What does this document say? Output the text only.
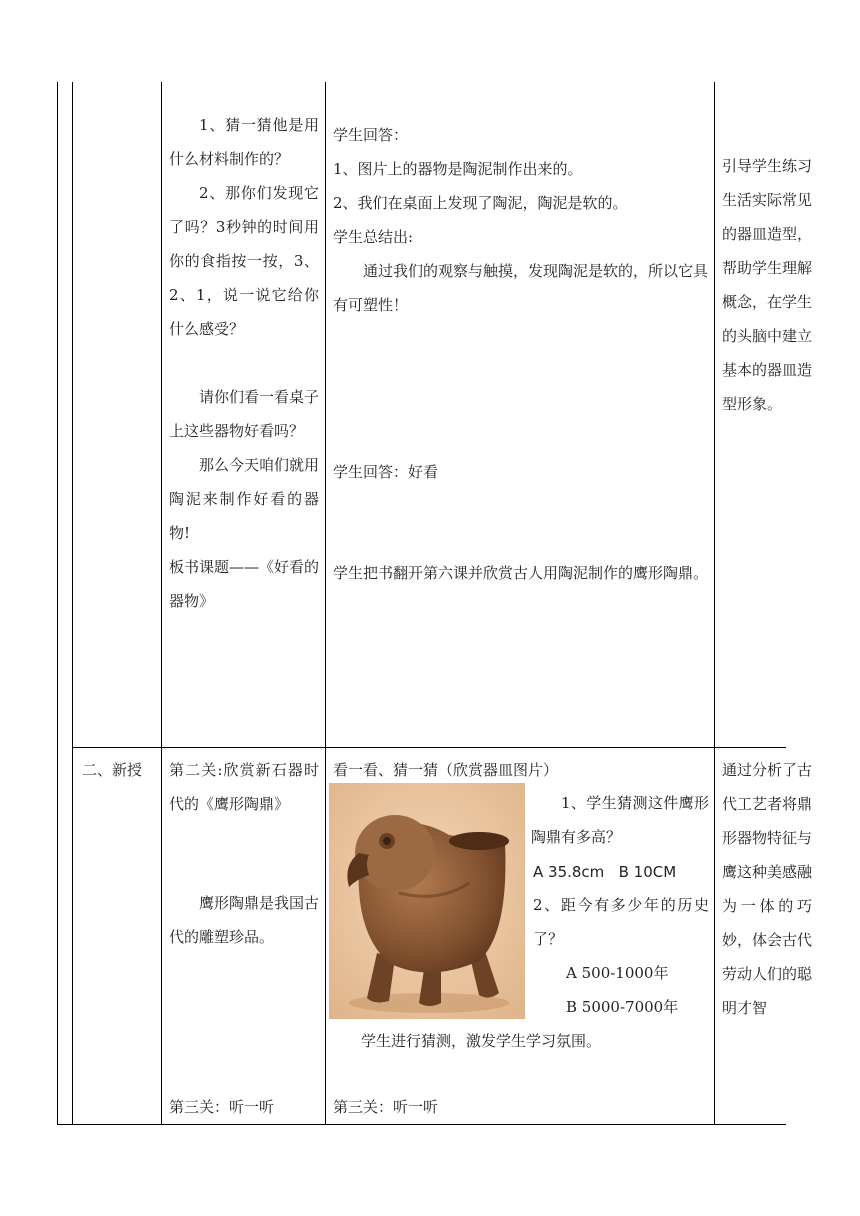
1、猜一猜他是用什么材料制作的？

2、那你们发现它了吗？3秒钟的时间用你的食指按一按，3、2、1，说一说它给你什么感受？

请你们看一看桌子上这些器物好看吗？

那么今天咱们就用陶泥来制作好看的器物!

板书课题——《好看的器物》

学生回答：

1、图片上的器物是陶泥制作出来的。

2、我们在桌面上发现了陶泥，陶泥是软的。

学生总结出:

通过我们的观察与触摸，发现陶泥是软的，所以它具有可塑性！

学生回答：好看
学生把书翻开第六课并欣赏古人用陶泥制作的鹰形陶鼎。

引导学生练习生活实际常见的器皿造型，帮助学生理解概念，在学生的头脑中建立基本的器皿造型形象。

二、新授	第二关:欣赏新石器时代的《鹰形陶鼎》
鹰形陶鼎是我国古代的雕塑珍品。
第三关：听一听
看一看、猜一猜（欣赏器皿图片）
1、学生猜测这件鹰形陶鼎有多高？
A 35.8cm   B 10CM
2、距今有多少年的历史了？
A 500-1000年
B 5000-7000年
学生进行猜测，激发学生学习氛围。
第三关：听一听

通过分析了古代工艺者将鼎形器物特征与鹰这种美感融为一体的巧妙，体会古代劳动人们的聪明才智
